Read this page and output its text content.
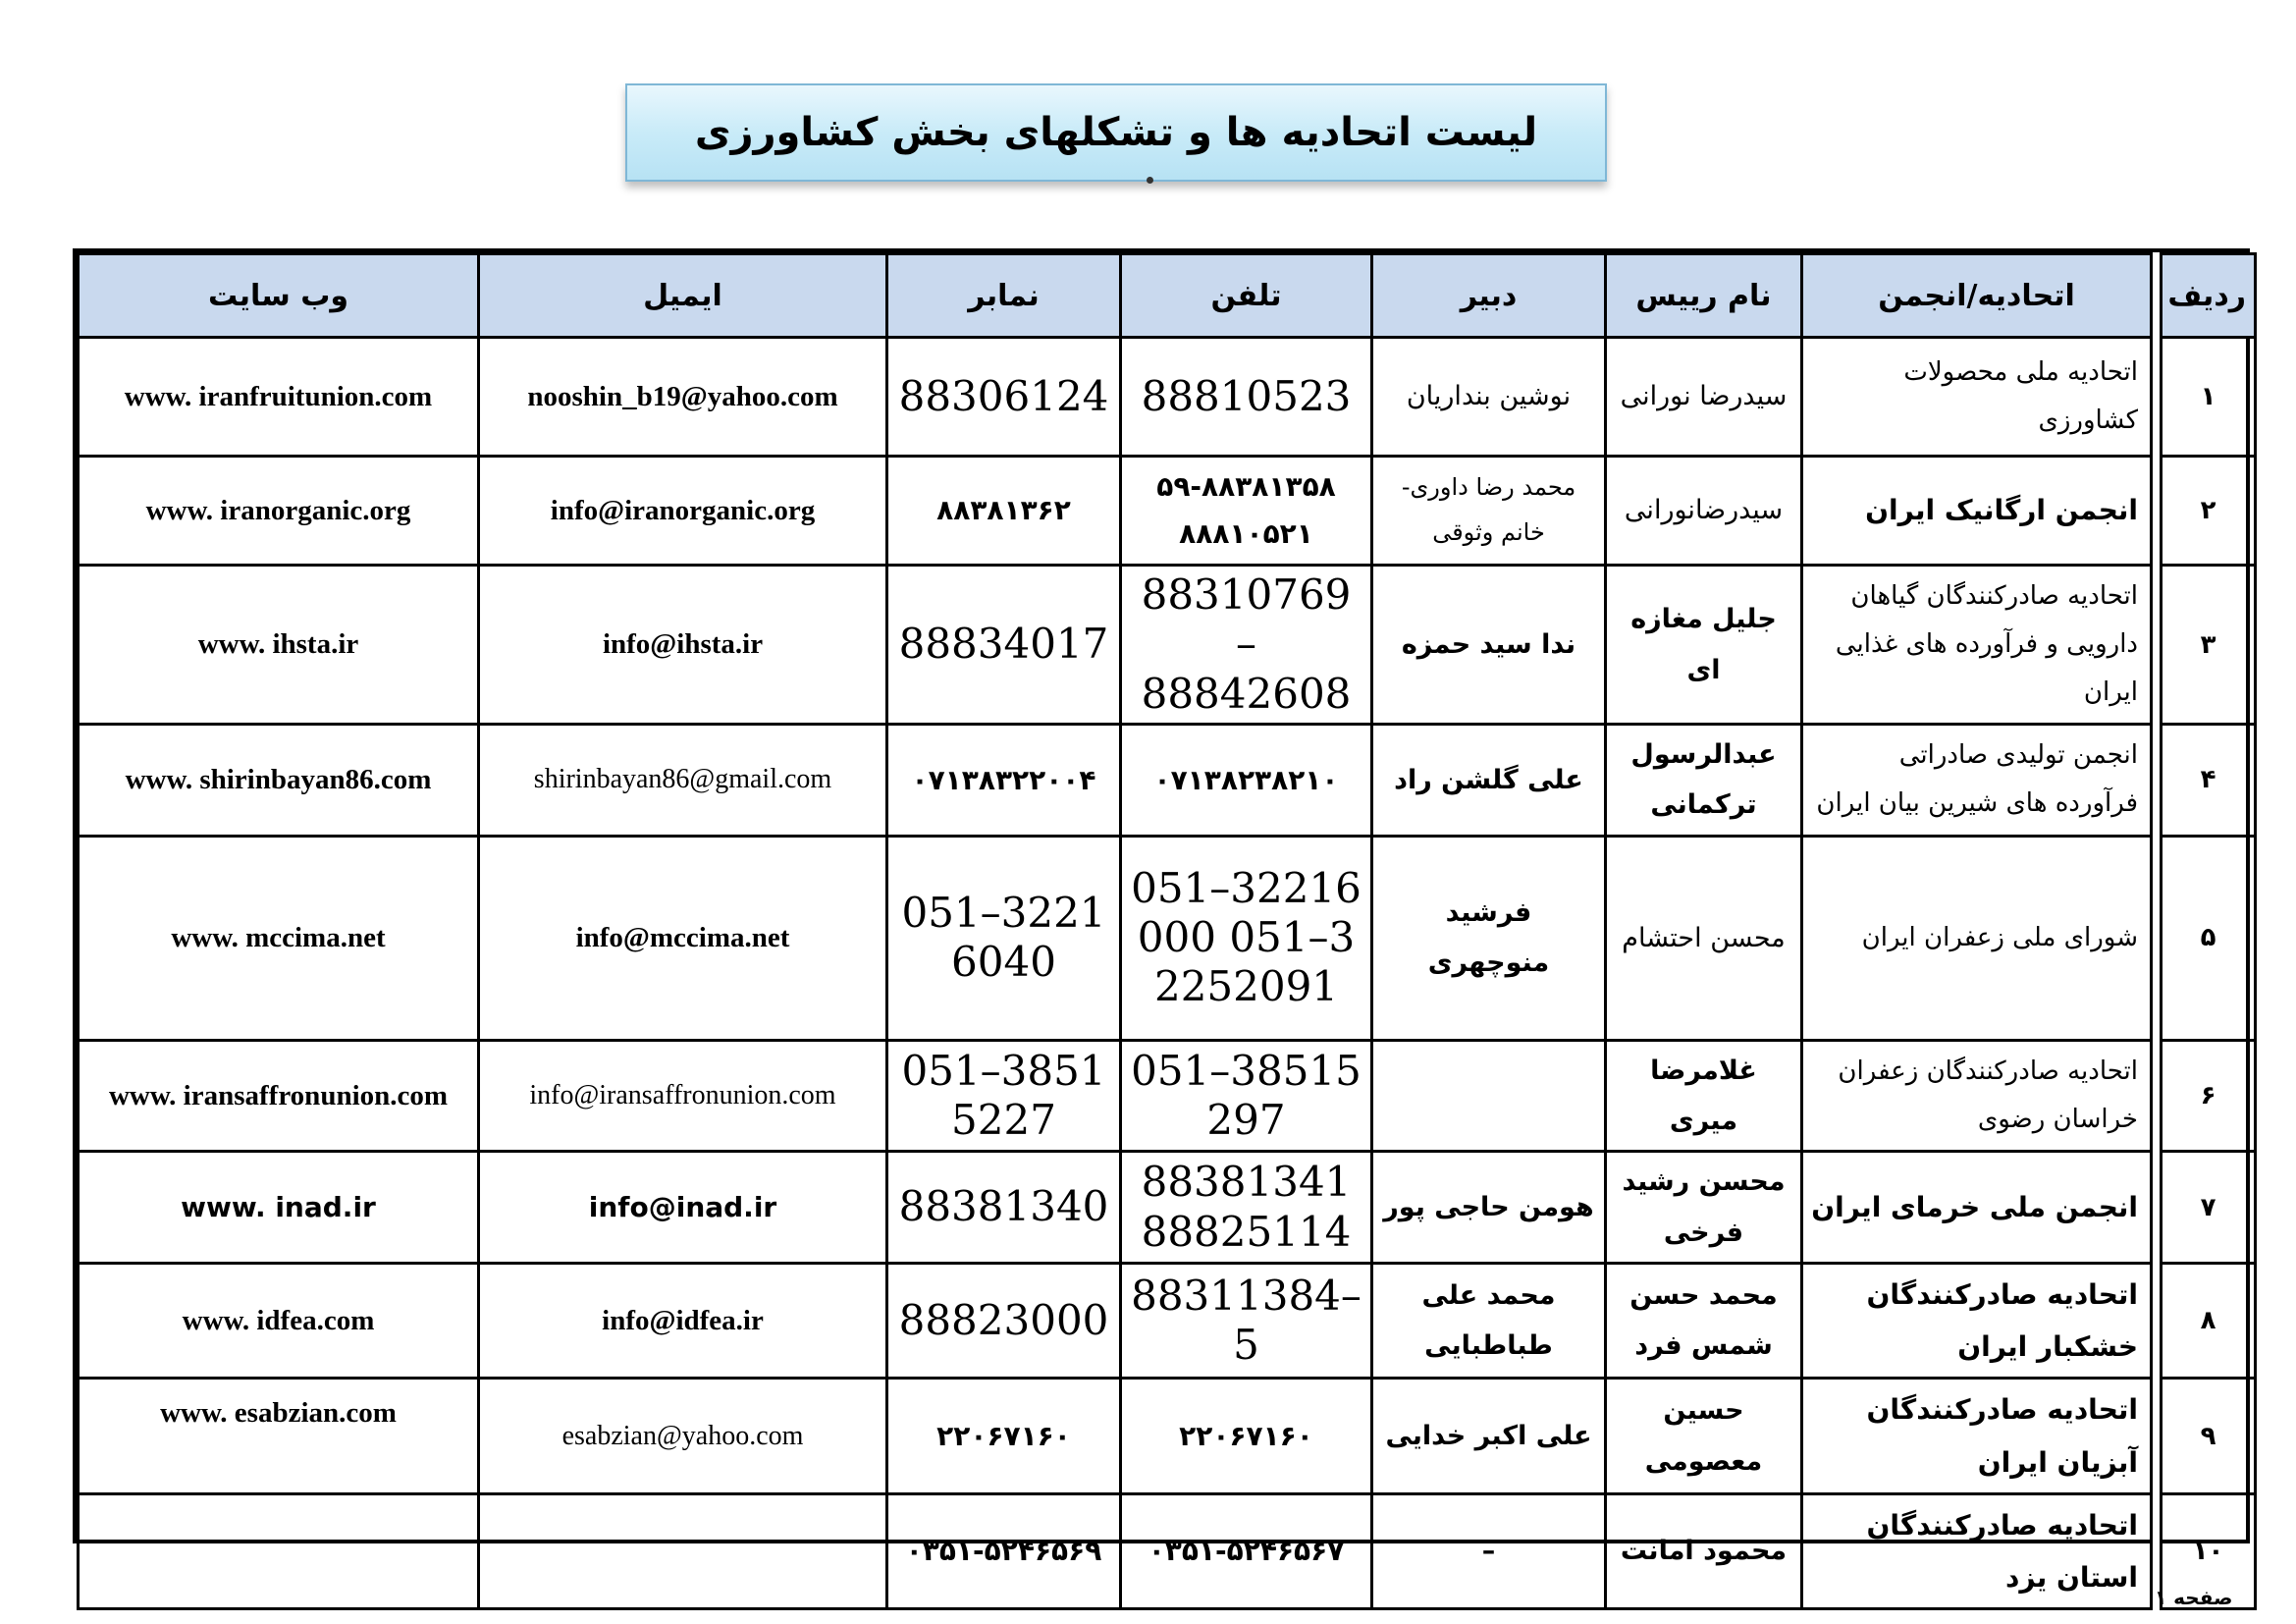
لیست اتحادیه ها و تشکلهای بخش کشاورزی
ردیف		اتحادیه/انجمن	نام رییس	دبیر	تلفن	نمابر	ایمیل	وب سایت
۱		اتحادیه ملی محصولات کشاورزی	سیدرضا نورانی	نوشین بنداریان	88810523	88306124	nooshin_b19@yahoo.com	www. iranfruitunion.com
۲		انجمن ارگانیک ایران	سیدرضانورانی	محمد رضا داوری- خانم وثوقی	۵۹-۸۸۳۸۱۳۵۸ ۸۸۸۱۰۵۲۱	۸۸۳۸۱۳۶۲	info@iranorganic.org	www. iranorganic.org
۳		اتحادیه صادرکنندگان گیاهان دارویی و فرآورده های غذایی ایران	جلیل مغازه ای	ندا سید حمزه	88310769 – 88842608	88834017	info@ihsta.ir	www. ihsta.ir
۴		انجمن تولیدی صادراتی فرآورده های شیرین بیان ایران	عبدالرسول ترکمانی	علی گلشن راد	۰۷۱۳۸۲۳۸۲۱۰	۰۷۱۳۸۳۲۲۰۰۴	shirinbayan86@gmail.com	www. shirinbayan86.com
۵		شورای ملی زعفران ایران	محسن احتشام	فرشید منوچهری	051–32216000 051–32252091	051–32216040	info@mccima.net	www. mccima.net
۶		اتحادیه صادرکنندگان زعفران خراسان رضوی	غلامرضا میری		051–38515297	051–38515227	info@iransaffronunion.com	www. iransaffronunion.com
۷		انجمن ملی خرمای ایران	محسن رشید فرخی	هومن حاجی پور	88381341 88825114	88381340	info@inad.ir	www. inad.ir
۸		اتحادیه صادرکنندگان خشکبار ایران	محمد حسن شمس فرد	محمد علی طباطبایی	88311384–5	88823000	info@idfea.ir	www. idfea.com
۹		اتحادیه صادرکنندگان آبزیان ایران	حسین معصومی	علی اکبر خدایی	۲۲۰۶۷۱۶۰	۲۲۰۶۷۱۶۰	esabzian@yahoo.com	www. esabzian.com
۱۰		اتحادیه صادرکنندگان استان یزد	محمود امانت	–	۰۳۵۱-۵۲۴۶۵۶۷	۰۳۵۱-۵۲۴۶۵۶۹		
صفحه ۱
